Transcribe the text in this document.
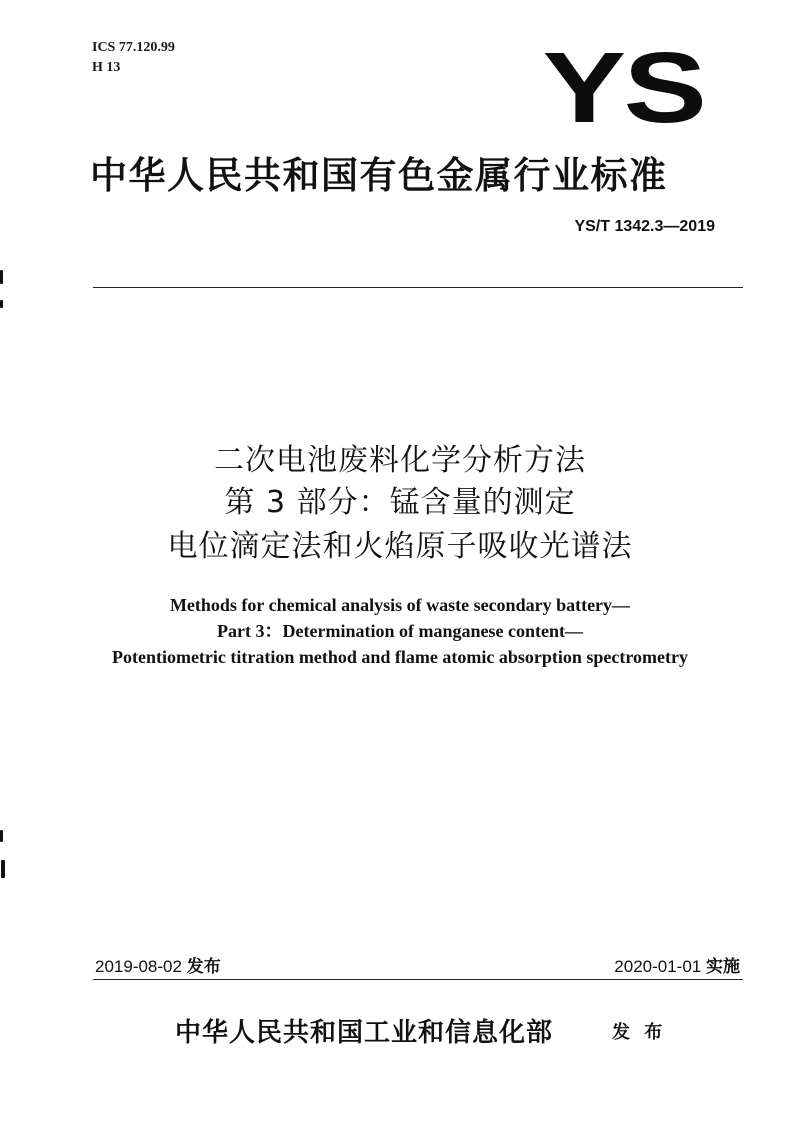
ICS 77.120.99
H 13	YS
中华人民共和国有色金属行业标准
YS/T 1342.3—2019
二次电池废料化学分析方法
第 3 部分：锰含量的测定
电位滴定法和火焰原子吸收光谱法
Methods for chemical analysis of waste secondary battery—
Part 3：Determination of manganese content—
Potentiometric titration method and flame atomic absorption spectrometry
2019-08-02 发布	2020-01-01 实施
中华人民共和国工业和信息化部	发 布
